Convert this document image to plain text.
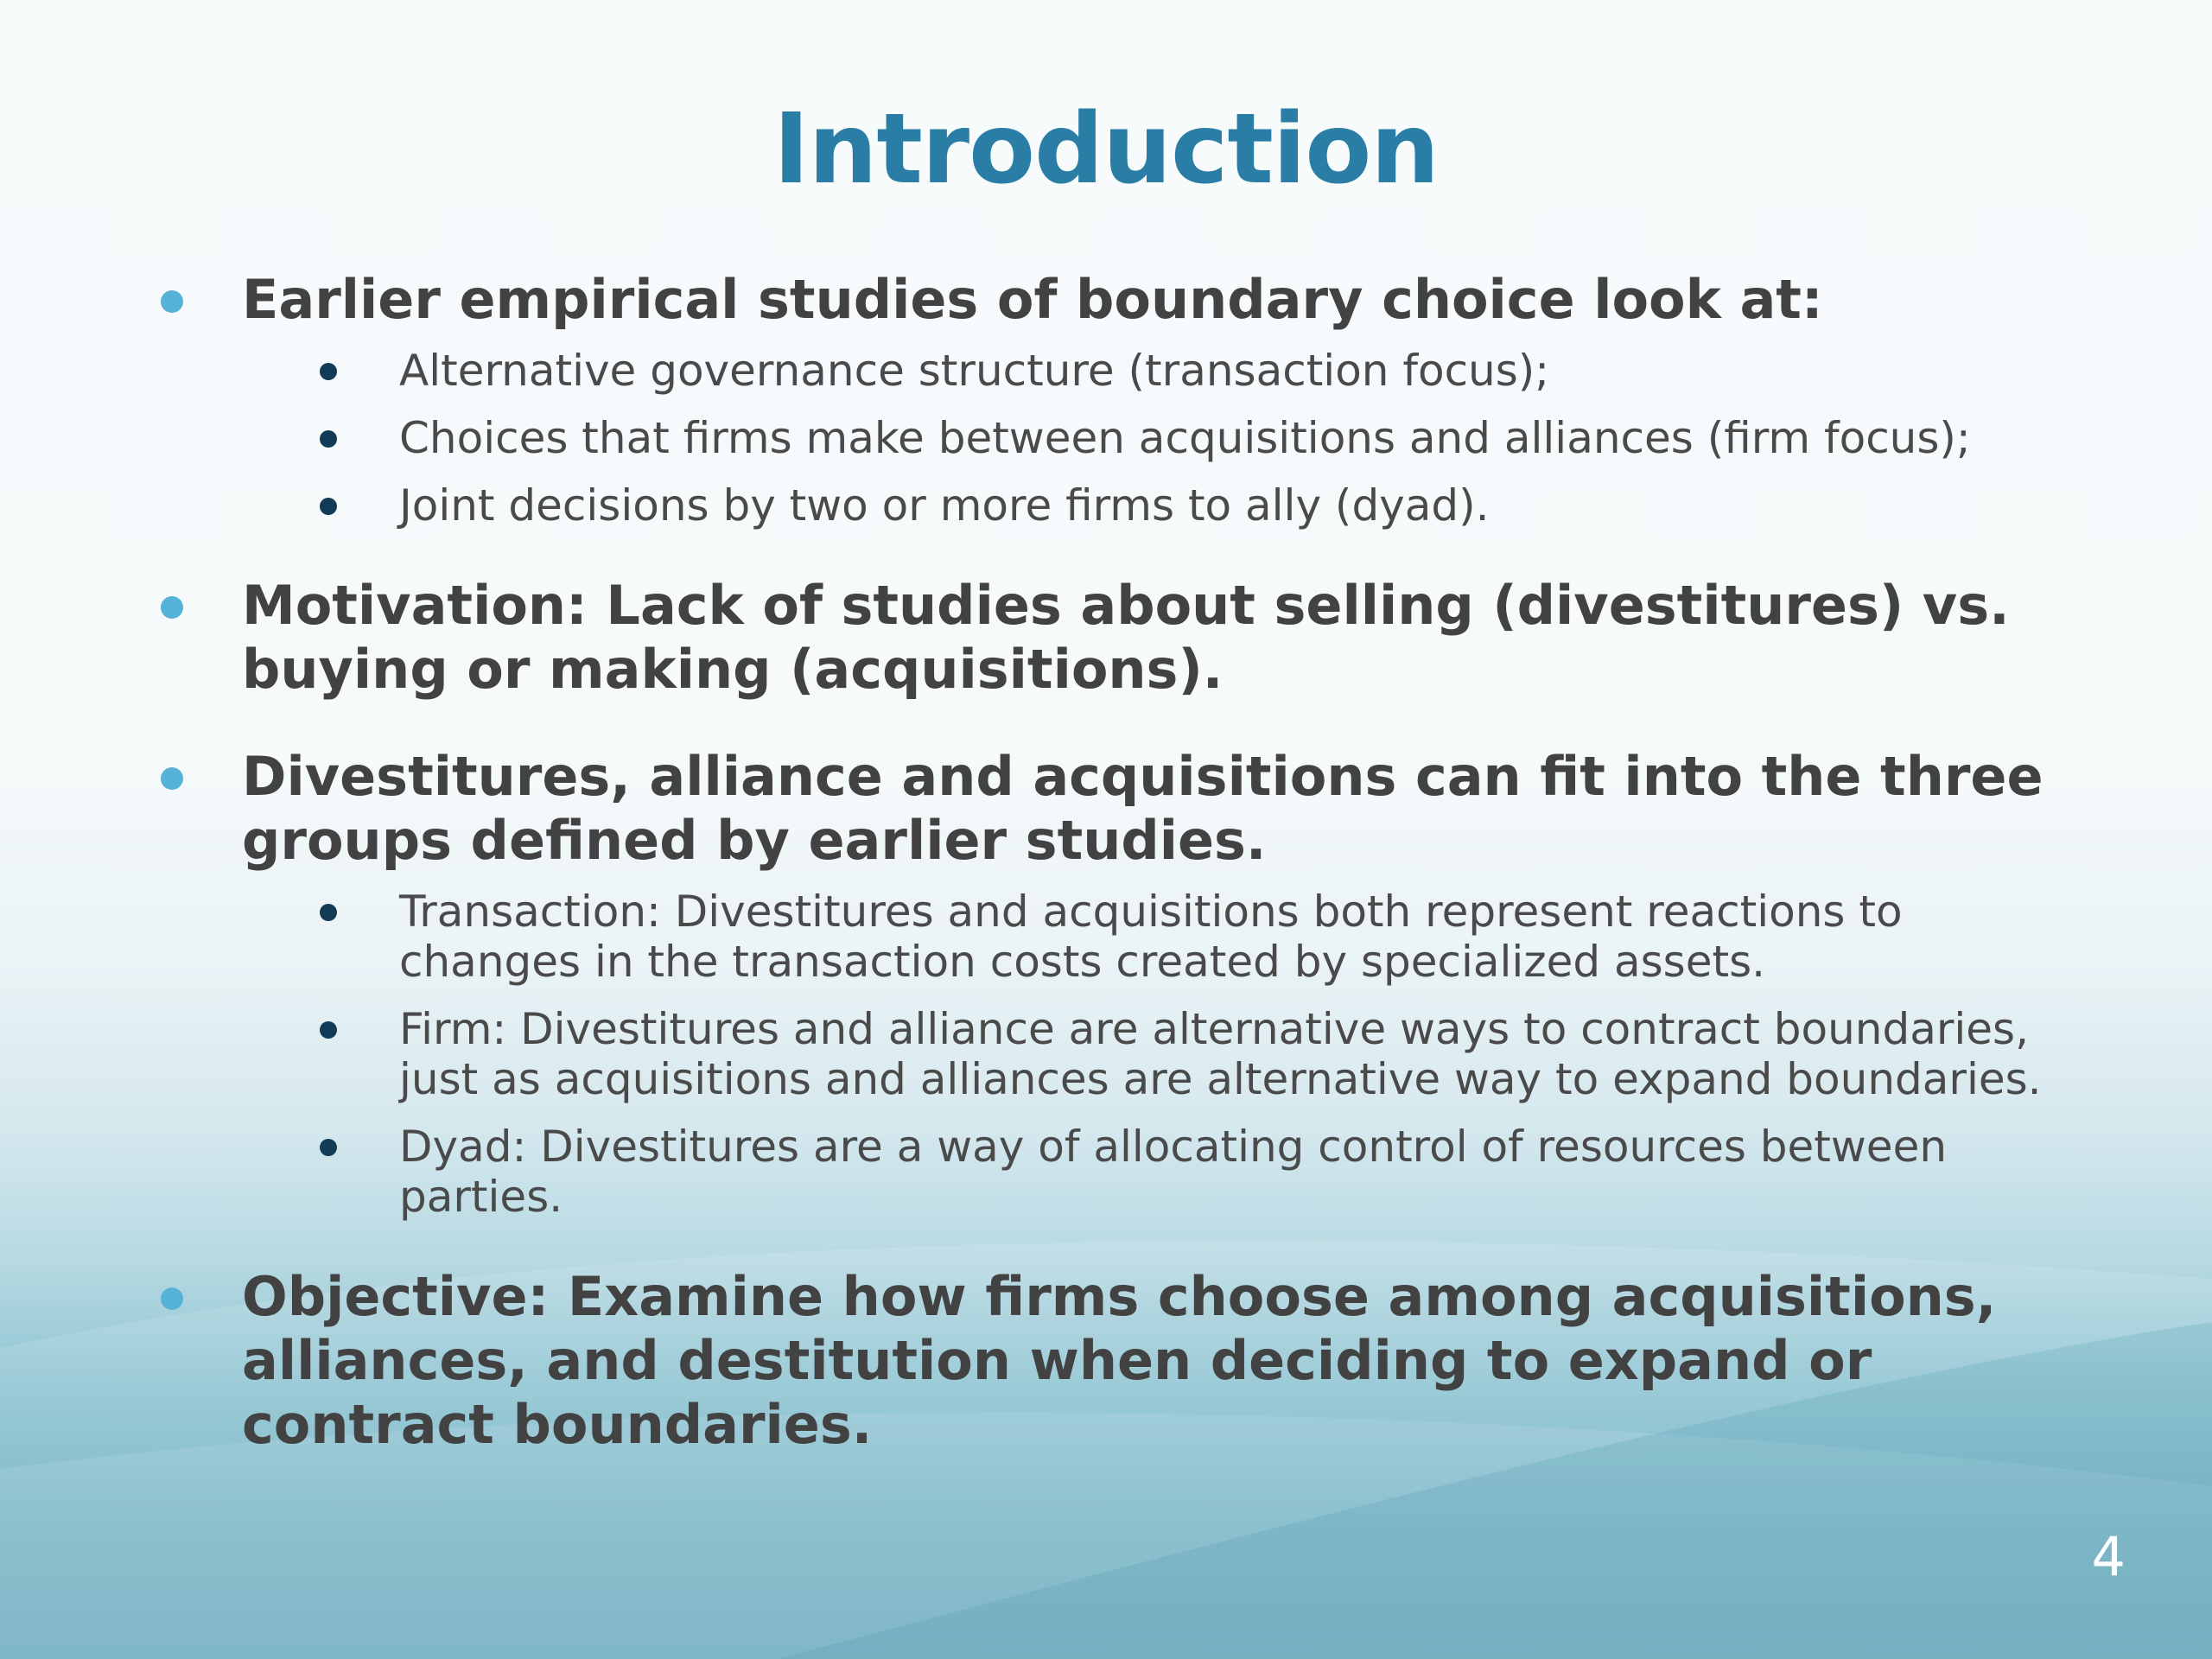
Introduction
Earlier empirical studies of boundary choice look at:
Alternative governance structure (transaction focus);
Choices that firms make between acquisitions and alliances (firm focus);
Joint decisions by two or more firms to ally (dyad).
Motivation: Lack of studies about selling (divestitures) vs. buying or making (acquisitions).
Divestitures, alliance and acquisitions can fit into the three groups defined by earlier studies.
Transaction: Divestitures and acquisitions both represent reactions to changes in the transaction costs created by specialized assets.
Firm: Divestitures and alliance are alternative ways to contract boundaries, just as acquisitions and alliances are alternative way to expand boundaries.
Dyad: Divestitures are a way of allocating control of resources between parties.
Objective: Examine how firms choose among acquisitions, alliances, and destitution when deciding to expand or contract boundaries.
4
